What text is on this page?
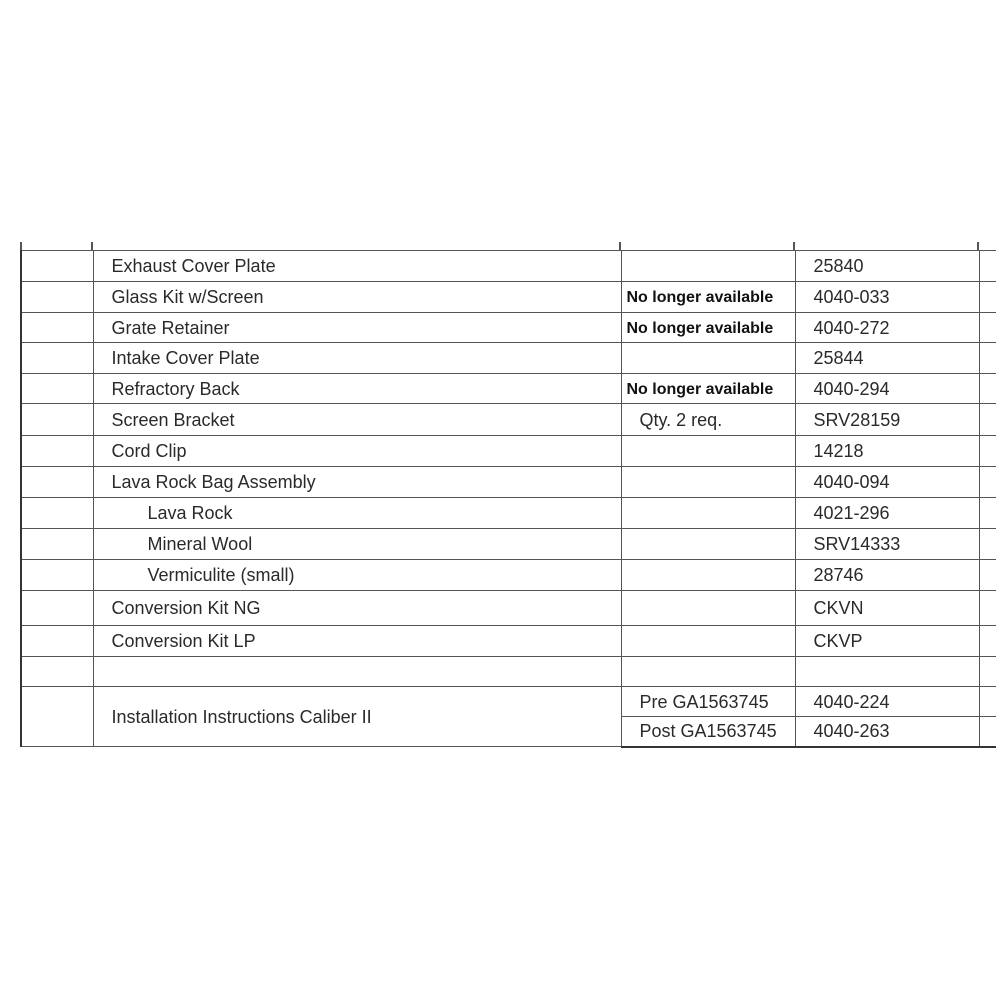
	Exhaust Cover Plate		25840	
	Glass Kit w/Screen	No longer available	4040-033	
	Grate Retainer	No longer available	4040-272	
	Intake Cover Plate		25844	
	Refractory Back	No longer available	4040-294	
	Screen Bracket	Qty. 2 req.	SRV28159	
	Cord Clip		14218	
	Lava Rock Bag Assembly		4040-094	
	Lava Rock		4021-296	
	Mineral Wool		SRV14333	
	Vermiculite (small)		28746	
	Conversion Kit NG		CKVN	
	Conversion Kit LP		CKVP	

	Installation Instructions Caliber II	Pre GA1563745	4040-224	
		Post GA1563745	4040-263	
